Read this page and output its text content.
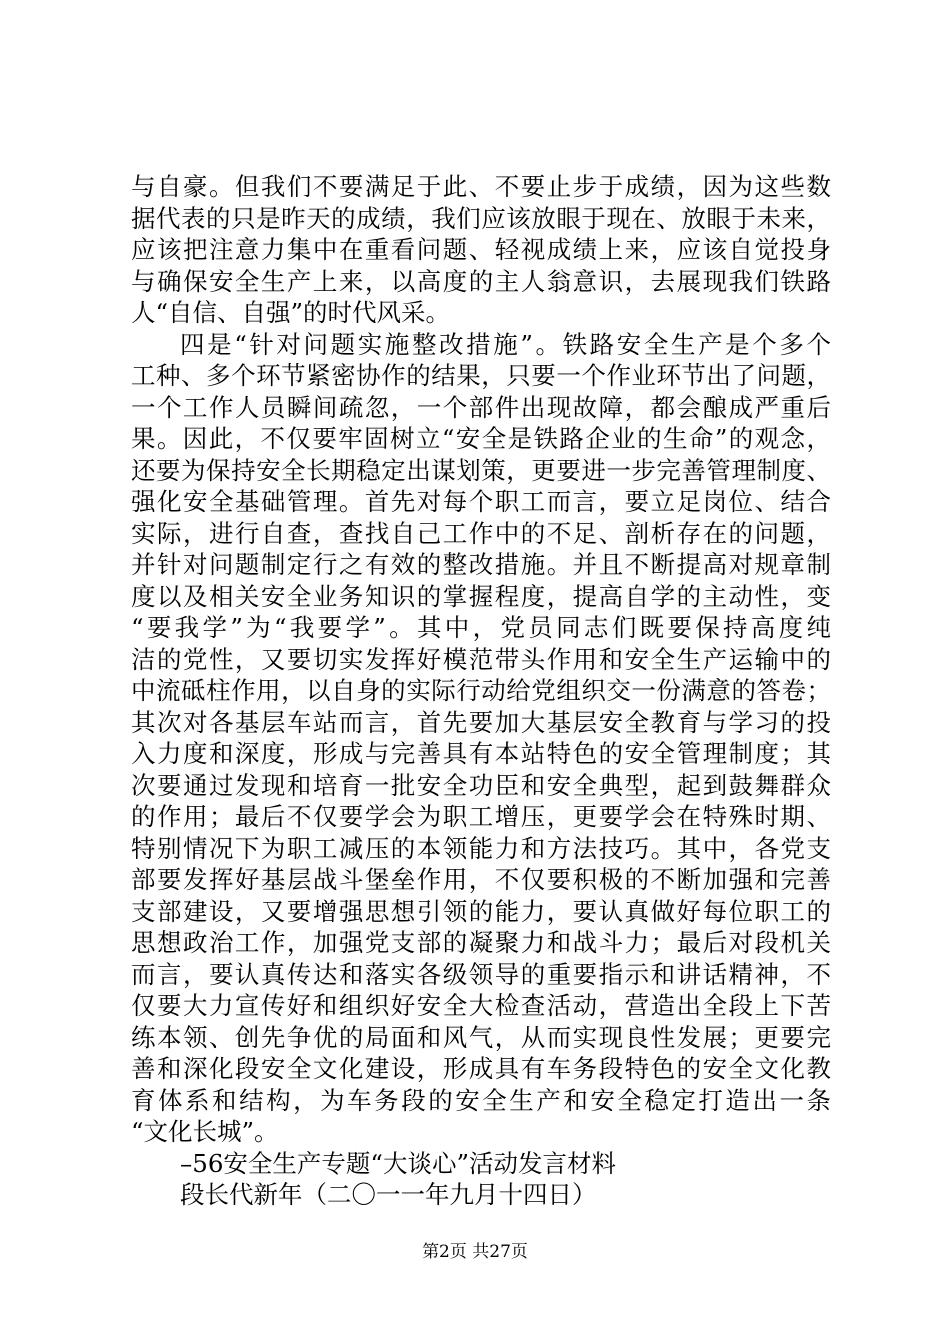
与自豪。但我们不要满足于此、不要止步于成绩，因为这些数
据代表的只是昨天的成绩，我们应该放眼于现在、放眼于未来，
应该把注意力集中在重看问题、轻视成绩上来，应该自觉投身
与确保安全生产上来，以高度的主人翁意识，去展现我们铁路
人“自信、自强”的时代风采。
四是“针对问题实施整改措施”。铁路安全生产是个多个
工种、多个环节紧密协作的结果，只要一个作业环节出了问题，
一个工作人员瞬间疏忽，一个部件出现故障，都会酿成严重后
果。因此，不仅要牢固树立“安全是铁路企业的生命”的观念，
还要为保持安全长期稳定出谋划策，更要进一步完善管理制度、
强化安全基础管理。首先对每个职工而言，要立足岗位、结合
实际，进行自查，查找自己工作中的不足、剖析存在的问题，
并针对问题制定行之有效的整改措施。并且不断提高对规章制
度以及相关安全业务知识的掌握程度，提高自学的主动性，变
“要我学”为“我要学”。其中，党员同志们既要保持高度纯
洁的党性，又要切实发挥好模范带头作用和安全生产运输中的
中流砥柱作用，以自身的实际行动给党组织交一份满意的答卷；
其次对各基层车站而言，首先要加大基层安全教育与学习的投
入力度和深度，形成与完善具有本站特色的安全管理制度；其
次要通过发现和培育一批安全功臣和安全典型，起到鼓舞群众
的作用；最后不仅要学会为职工增压，更要学会在特殊时期、
特别情况下为职工减压的本领能力和方法技巧。其中，各党支
部要发挥好基层战斗堡垒作用，不仅要积极的不断加强和完善
支部建设，又要增强思想引领的能力，要认真做好每位职工的
思想政治工作，加强党支部的凝聚力和战斗力；最后对段机关
而言，要认真传达和落实各级领导的重要指示和讲话精神，不
仅要大力宣传好和组织好安全大检查活动，营造出全段上下苦
练本领、创先争优的局面和风气，从而实现良性发展；更要完
善和深化段安全文化建设，形成具有车务段特色的安全文化教
育体系和结构，为车务段的安全生产和安全稳定打造出一条
“文化长城”。
–56安全生产专题“大谈心”活动发言材料
段长代新年（二〇一一年九月十四日）
第2页 共27页
